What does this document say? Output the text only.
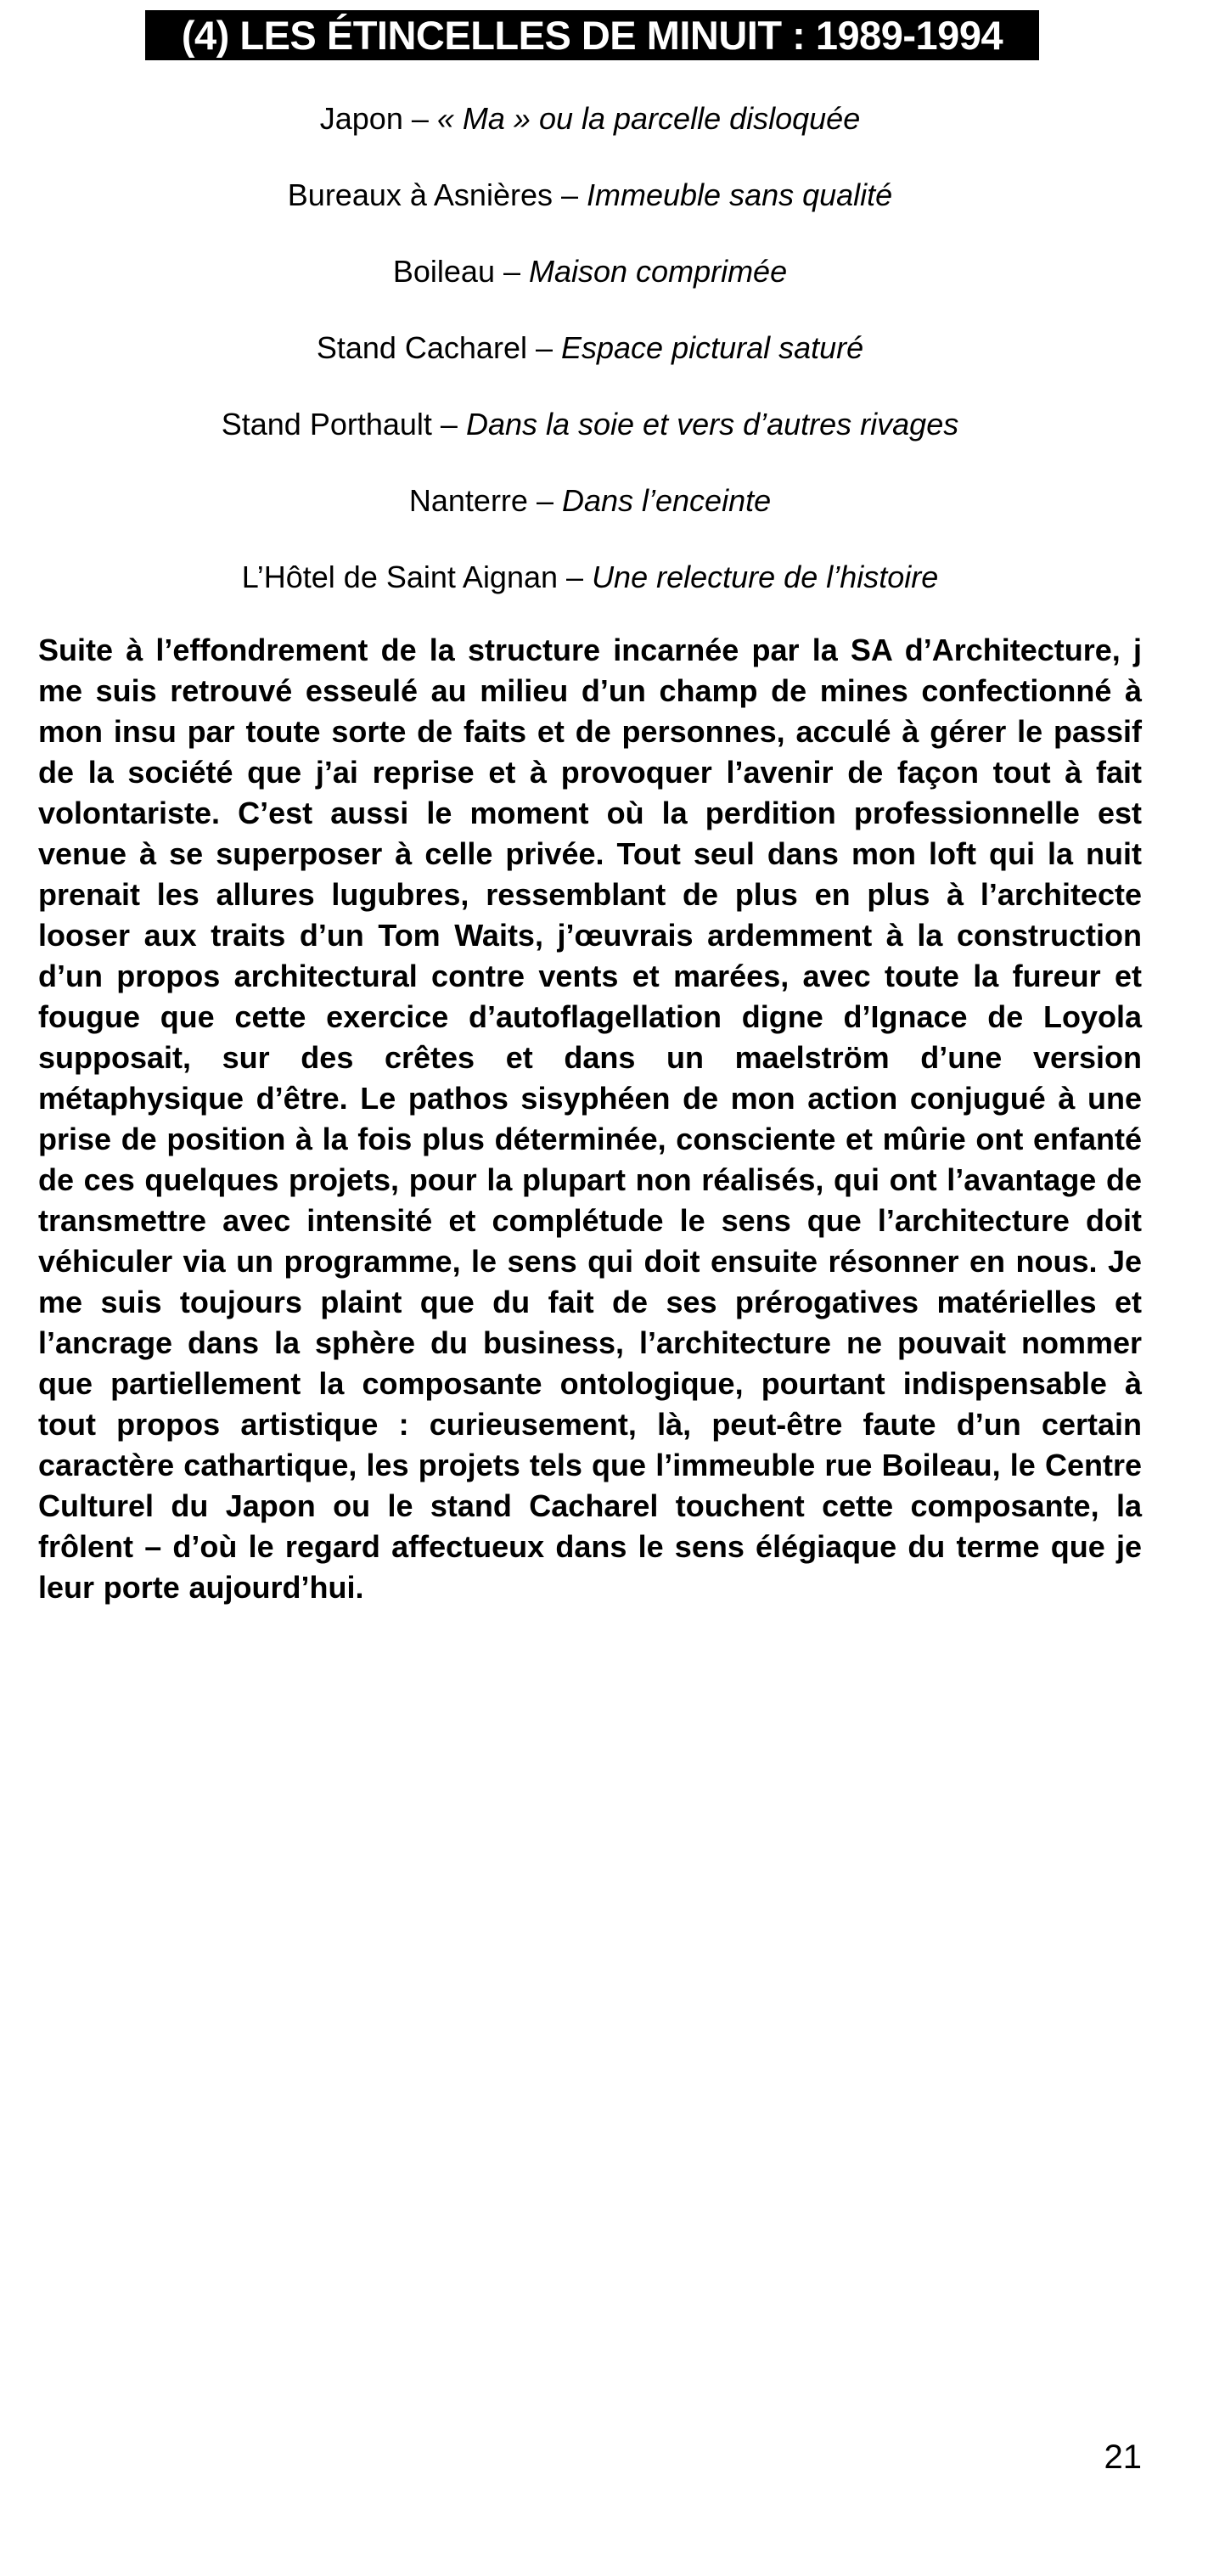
(4) LES ÉTINCELLES DE MINUIT : 1989-1994
Japon – « Ma » ou la parcelle disloquée
Bureaux à Asnières – Immeuble sans qualité
Boileau – Maison comprimée
Stand Cacharel – Espace pictural saturé
Stand Porthault – Dans la soie et vers d’autres rivages
Nanterre – Dans l’enceinte
L’Hôtel de Saint Aignan – Une relecture de l’histoire

Suite à l’effondrement de la structure incarnée par la SA d’Architecture, j me suis retrouvé esseulé au milieu d’un champ de mines confectionné à mon insu par toute sorte de faits et de personnes, acculé à gérer le passif de la société que j’ai reprise et à provoquer l’avenir de façon tout à fait volontariste. C’est aussi le moment où la perdition professionnelle est venue à se superposer à celle privée. Tout seul dans mon loft qui la nuit prenait les allures lugubres, ressemblant de plus en plus à l’architecte looser aux traits d’un Tom Waits, j’œuvrais ardemment à la construction d’un propos architectural contre vents et marées, avec toute la fureur et fougue que cette exercice d’autoflagellation digne d’Ignace de Loyola supposait, sur des crêtes et dans un maelström d’une version métaphysique d’être. Le pathos sisyphéen de mon action conjugué à une prise de position à la fois plus déterminée, consciente et mûrie ont enfanté de ces quelques projets, pour la plupart non réalisés, qui ont l’avantage de transmettre avec intensité et complétude le sens que l’architecture doit véhiculer via un programme, le sens qui doit ensuite résonner en nous. Je me suis toujours plaint que du fait de ses prérogatives matérielles et l’ancrage dans la sphère du business, l’architecture ne pouvait nommer que partiellement la composante ontologique, pourtant indispensable à tout propos artistique : curieusement, là, peut-être faute d’un certain caractère cathartique, les projets tels que l’immeuble rue Boileau, le Centre Culturel du Japon ou le stand Cacharel touchent cette composante, la frôlent – d’où le regard affectueux dans le sens élégiaque du terme que je leur porte aujourd’hui.

21
